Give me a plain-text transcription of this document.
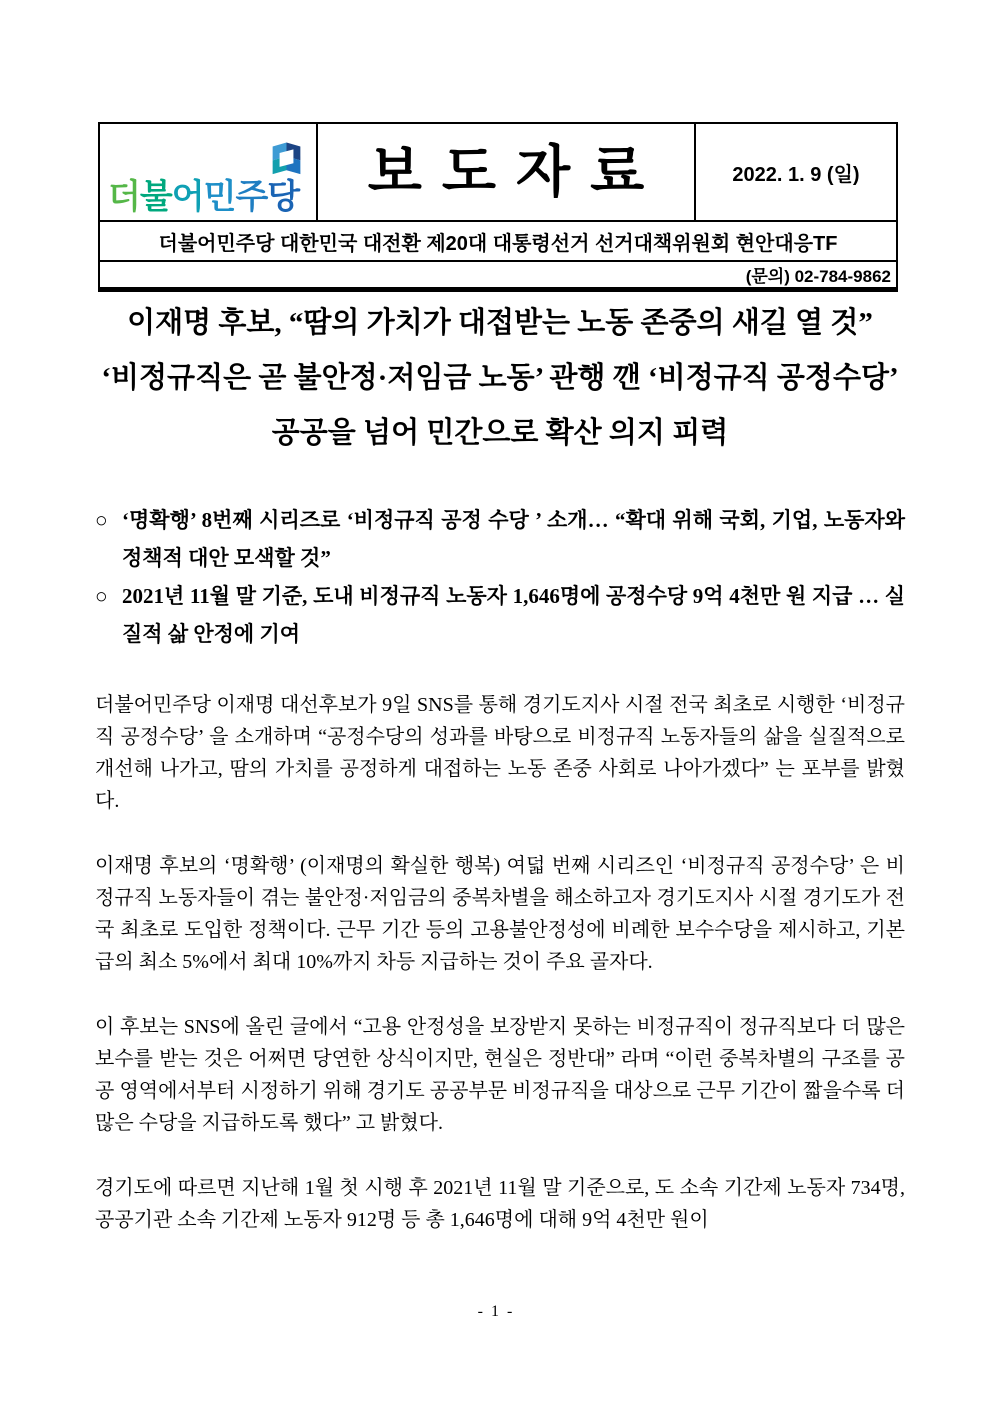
더불어민주당 보도자료	2022. 1. 9 (일)
더불어민주당 대한민국 대전환 제20대 대통령선거 선거대책위원회 현안대응TF
(문의) 02-784-9862
이재명 후보, “땀의 가치가 대접받는 노동 존중의 새길 열 것”
‘비정규직은 곧 불안정·저임금 노동’ 관행 깬 ‘비정규직 공정수당’
공공을 넘어 민간으로 확산 의지 피력
○ ‘명확행’ 8번째 시리즈로 ‘비정규직 공정 수당 ’ 소개… “확대 위해 국회, 기업, 노동자와 정책적 대안 모색할 것”
○ 2021년 11월 말 기준, 도내 비정규직 노동자 1,646명에 공정수당 9억 4천만 원 지급 … 실질적 삶 안정에 기여

더불어민주당 이재명 대선후보가 9일 SNS를 통해 경기도지사 시절 전국 최초로 시행한 ‘비정규직 공정수당’ 을 소개하며 “공정수당의 성과를 바탕으로 비정규직 노동자들의 삶을 실질적으로 개선해 나가고, 땀의 가치를 공정하게 대접하는 노동 존중 사회로 나아가겠다” 는 포부를 밝혔다.

이재명 후보의 ‘명확행’ (이재명의 확실한 행복) 여덟 번째 시리즈인 ‘비정규직 공정수당’ 은 비정규직 노동자들이 겪는 불안정·저임금의 중복차별을 해소하고자 경기도지사 시절 경기도가 전국 최초로 도입한 정책이다. 근무 기간 등의 고용불안정성에 비례한 보수수당을 제시하고, 기본급의 최소 5%에서 최대 10%까지 차등 지급하는 것이 주요 골자다.

이 후보는 SNS에 올린 글에서 “고용 안정성을 보장받지 못하는 비정규직이 정규직보다 더 많은 보수를 받는 것은 어쩌면 당연한 상식이지만, 현실은 정반대” 라며 “이런 중복차별의 구조를 공공 영역에서부터 시정하기 위해 경기도 공공부문 비정규직을 대상으로 근무 기간이 짧을수록 더 많은 수당을 지급하도록 했다” 고 밝혔다.

경기도에 따르면 지난해 1월 첫 시행 후 2021년 11월 말 기준으로, 도 소속 기간제 노동자 734명, 공공기관 소속 기간제 노동자 912명 등 총 1,646명에 대해 9억 4천만 원이

- 1 -
